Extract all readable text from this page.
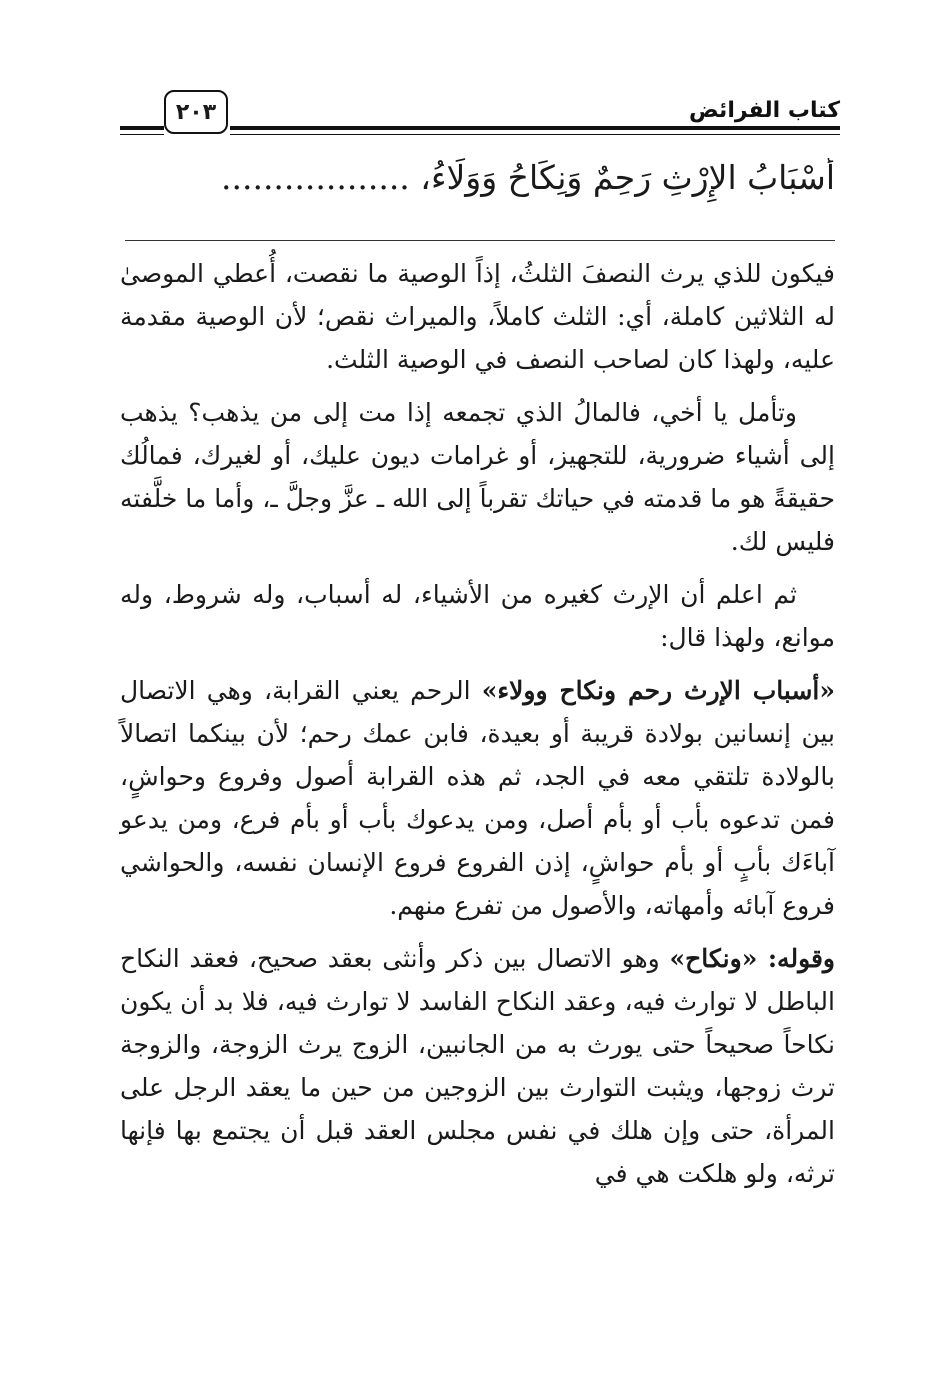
٢٠٣	كتاب الفرائض
أَسْبَابُ الإِرْثِ رَحِمٌ وَنِكَاحُ وَوَلَاءُ، ..................

فيكون للذي يرث النصفَ الثلثُ، إذاً الوصية ما نقصت، أُعطي الموصىٰ له الثلاثين كاملة، أي: الثلث كاملاً، والميراث نقص؛ لأن الوصية مقدمة عليه، ولهذا كان لصاحب النصف في الوصية الثلث.

وتأمل يا أخي، فالمالُ الذي تجمعه إذا مت إلى من يذهب؟ يذهب إلى أشياء ضرورية، للتجهيز، أو غرامات ديون عليك، أو لغيرك، فمالُك حقيقةً هو ما قدمته في حياتك تقرباً إلى الله ـ عزَّ وجلَّ ـ، وأما ما خلَّفته فليس لك.

ثم اعلم أن الإرث كغيره من الأشياء، له أسباب، وله شروط، وله موانع، ولهذا قال:

«أسباب الإرث رحم ونكاح وولاء» الرحم يعني القرابة، وهي الاتصال بين إنسانين بولادة قريبة أو بعيدة، فابن عمك رحم؛ لأن بينكما اتصالاً بالولادة تلتقي معه في الجد، ثم هذه القرابة أصول وفروع وحواشٍ، فمن تدعوه بأب أو بأم أصل، ومن يدعوك بأب أو بأم فرع، ومن يدعو آباءَك بأبٍ أو بأم حواشٍ، إذن الفروع فروع الإنسان نفسه، والحواشي فروع آبائه وأمهاته، والأصول من تفرع منهم.

وقوله: «ونكاح» وهو الاتصال بين ذكر وأنثى بعقد صحيح، فعقد النكاح الباطل لا توارث فيه، وعقد النكاح الفاسد لا توارث فيه، فلا بد أن يكون نكاحاً صحيحاً حتى يورث به من الجانبين، الزوج يرث الزوجة، والزوجة ترث زوجها، ويثبت التوارث بين الزوجين من حين ما يعقد الرجل على المرأة، حتى وإن هلك في نفس مجلس العقد قبل أن يجتمع بها فإنها ترثه، ولو هلكت هي في
